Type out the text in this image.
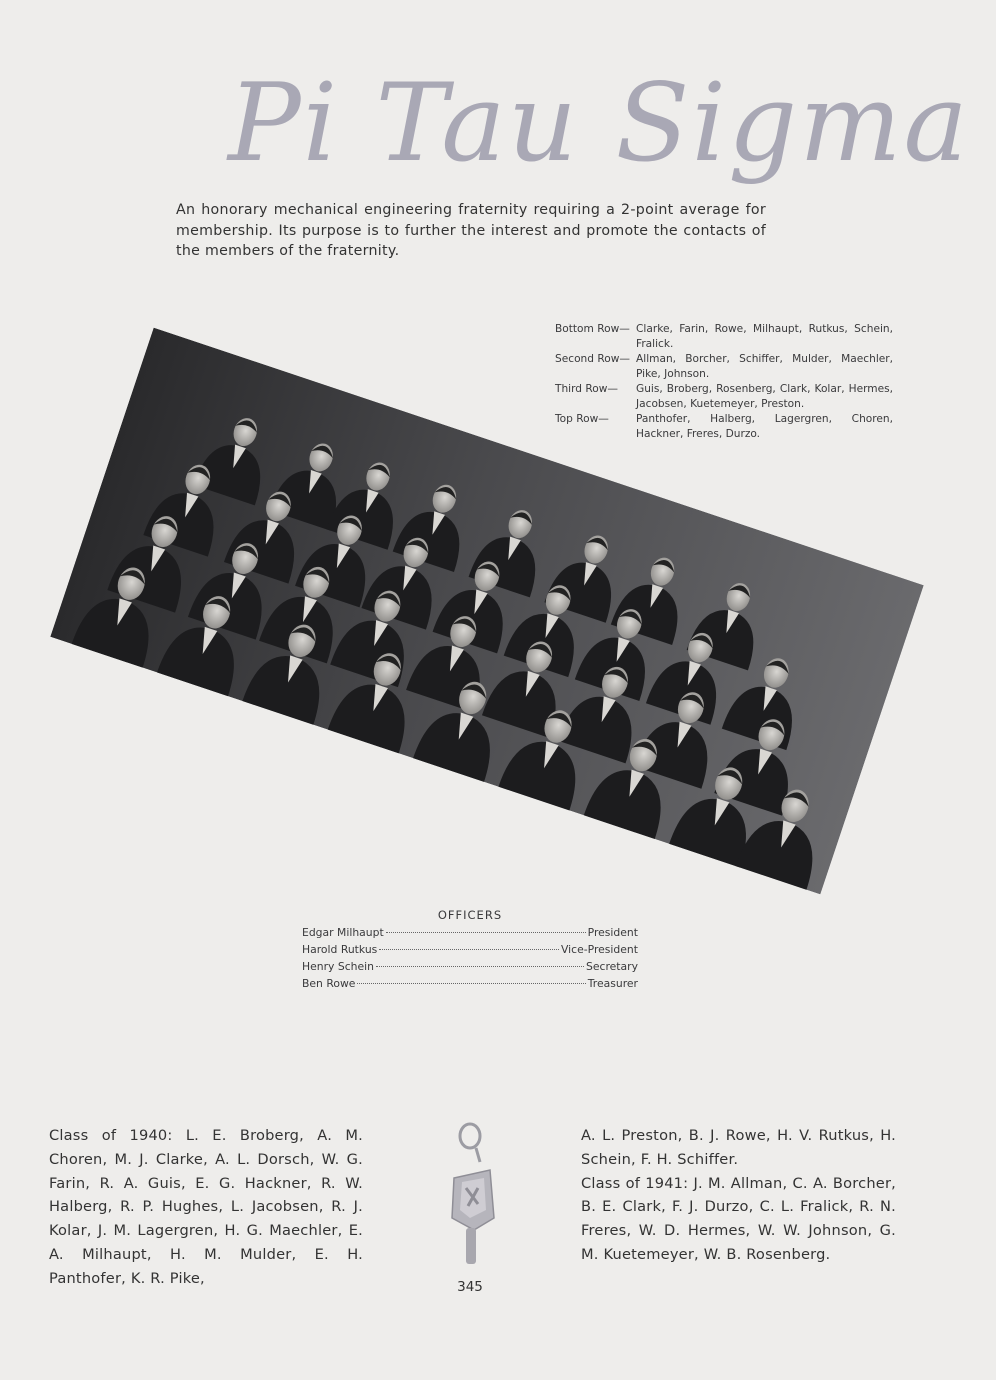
Pi Tau Sigma

An honorary mechanical engineering fraternity requiring a 2-point average for membership. Its purpose is to further the interest and promote the contacts of the members of the fraternity.

Bottom Row— Clarke, Farin, Rowe, Milhaupt, Rutkus, Schein, Fralick.
Second Row— Allman, Borcher, Schiffer, Mulder, Maechler, Pike, Johnson.
Third Row—	Guis, Broberg, Rosenberg, Clark, Kolar, Hermes, Jacobsen, Kuetemeyer, Preston.
Top Row—	Panthofer, Halberg, Lagergren, Choren, Hackner, Freres, Durzo.
OFFICERS
Edgar Milhaupt	President
Harold Rutkus	Vice-President
Henry Schein	Secretary
Ben Rowe	Treasurer

Class of 1940: L. E. Broberg, A. M. Choren, M. J. Clarke, A. L. Dorsch, W. G. Farin, R. A. Guis, E. G. Hackner, R. W. Halberg, R. P. Hughes, L. Jacobsen, R. J. Kolar, J. M. Lagergren, H. G. Maechler, E. A. Milhaupt, H. M. Mulder, E. H. Panthofer, K. R. Pike,

A. L. Preston, B. J. Rowe, H. V. Rutkus, H. Schein, F. H. Schiffer.

Class of 1941: J. M. Allman, C. A. Borcher, B. E. Clark, F. J. Durzo, C. L. Fralick, R. N. Freres, W. D. Hermes, W. W. Johnson, G. M. Kuetemeyer, W. B. Rosenberg.

345
